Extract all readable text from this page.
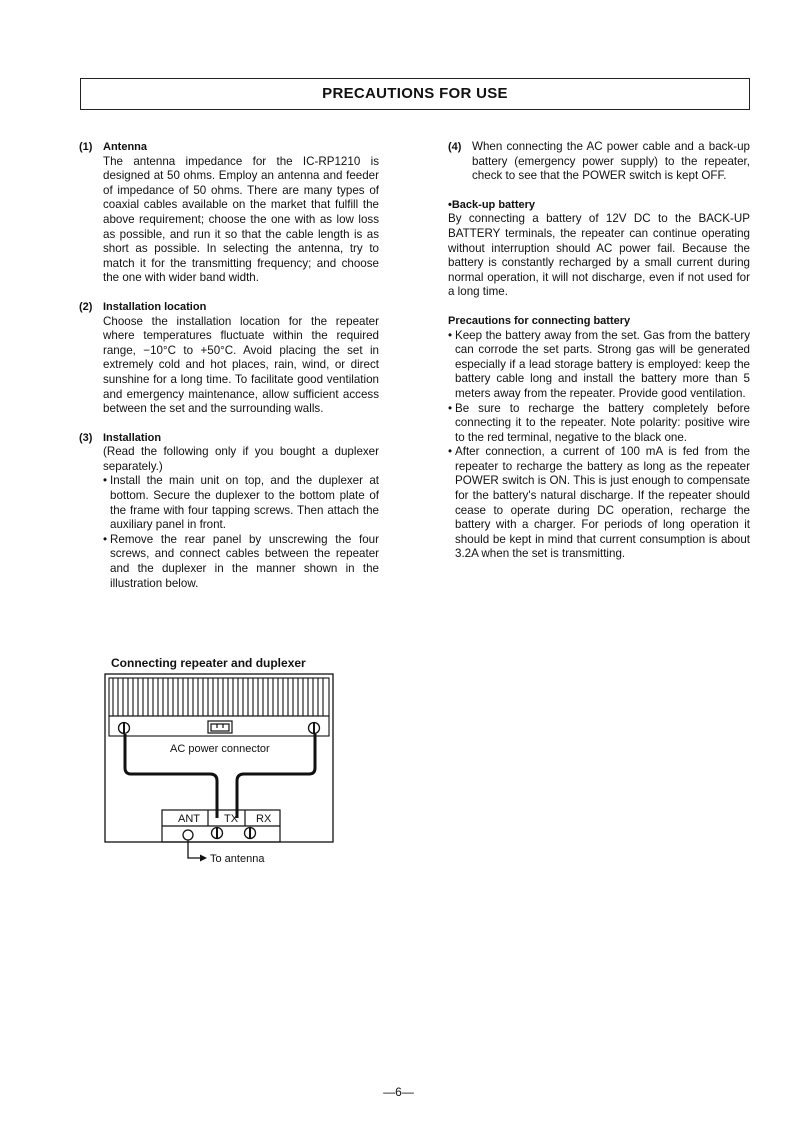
PRECAUTIONS FOR USE
(1) Antenna
The antenna impedance for the IC-RP1210 is designed at 50 ohms. Employ an antenna and feeder of impedance of 50 ohms. There are many types of coaxial cables available on the market that fulfill the above requirement; choose the one with as low loss as possible, and run it so that the cable length is as short as possible. In selecting the antenna, try to match it for the transmitting frequency; and choose the one with wider band width.
(2) Installation location
Choose the installation location for the repeater where temperatures fluctuate within the required range, −10°C to +50°C. Avoid placing the set in extremely cold and hot places, rain, wind, or direct sunshine for a long time. To facilitate good ventilation and emergency maintenance, allow sufficient access between the set and the surrounding walls.
(3) Installation
(Read the following only if you bought a duplexer separately.)
• Install the main unit on top, and the duplexer at bottom. Secure the duplexer to the bottom plate of the frame with four tapping screws. Then attach the auxiliary panel in front.
• Remove the rear panel by unscrewing the four screws, and connect cables between the repeater and the duplexer in the manner shown in the illustration below.
(4) When connecting the AC power cable and a back-up battery (emergency power supply) to the repeater, check to see that the POWER switch is kept OFF.
•Back-up battery
By connecting a battery of 12V DC to the BACK-UP BATTERY terminals, the repeater can continue operating without interruption should AC power fail. Because the battery is constantly recharged by a small current during normal operation, it will not discharge, even if not used for a long time.
Precautions for connecting battery
• Keep the battery away from the set. Gas from the battery can corrode the set parts. Strong gas will be generated especially if a lead storage battery is employed: keep the battery cable long and install the battery more than 5 meters away from the repeater. Provide good ventilation.
• Be sure to recharge the battery completely before connecting it to the repeater. Note polarity: positive wire to the red terminal, negative to the black one.
• After connection, a current of 100 mA is fed from the repeater to recharge the battery as long as the repeater POWER switch is ON. This is just enough to compensate for the battery's natural discharge. If the repeater should cease to operate during DC operation, recharge the battery with a charger. For periods of long operation it should be kept in mind that current consumption is about 3.2A when the set is transmitting.
Connecting repeater and duplexer
AC power connector
ANT TX RX
To antenna
—6—
